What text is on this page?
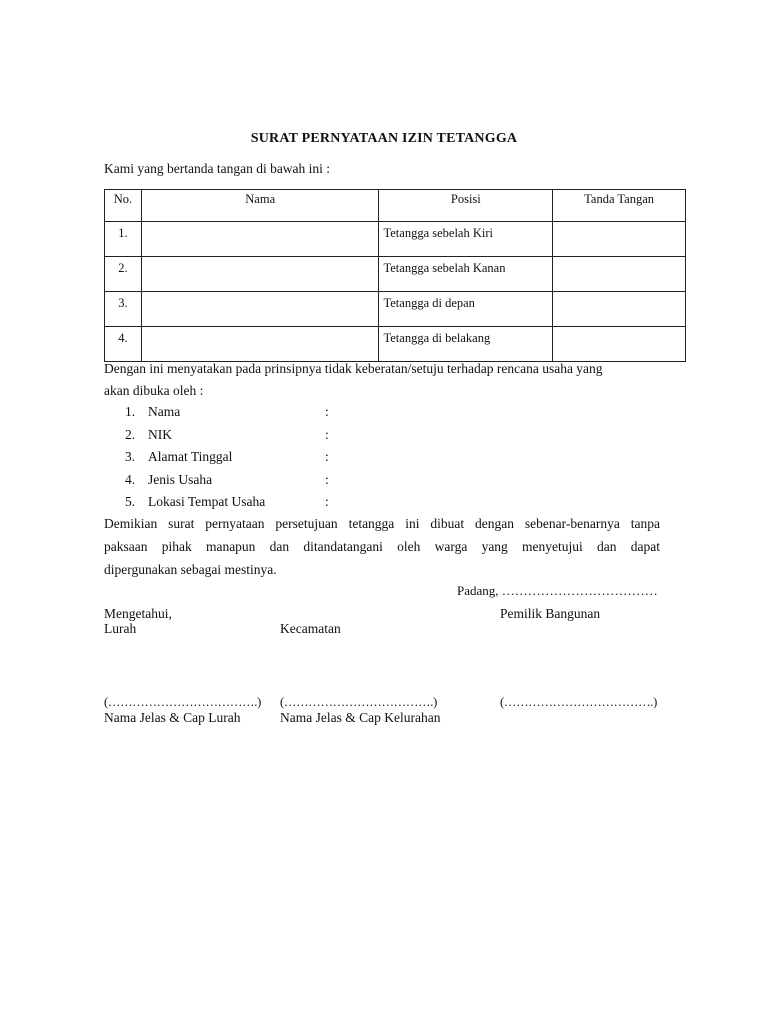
SURAT PERNYATAAN IZIN TETANGGA
Kami yang bertanda tangan di bawah ini :
No.	Nama	Posisi	Tanda Tangan
1.		Tetangga sebelah Kiri	
2.		Tetangga sebelah Kanan	
3.		Tetangga di depan	
4.		Tetangga di belakang	
Dengan ini menyatakan pada prinsipnya tidak keberatan/setuju terhadap rencana usaha yang
akan dibuka oleh :
1. Nama	:
2. NIK	:
3. Alamat Tinggal	:
4. Jenis Usaha	:
5. Lokasi Tempat Usaha	:
Demikian surat pernyataan persetujuan tetangga ini dibuat dengan sebenar-benarnya tanpa
paksaan pihak manapun dan ditandatangani oleh warga yang menyetujui dan dapat
dipergunakan sebagai mestinya.
Padang, ………………………………
Mengetahui,
Lurah	Kecamatan
Pemilik Bangunan
(……………………………….) (……………………………….)	(……………………………….)
Nama Jelas & Cap Lurah	Nama Jelas & Cap Kelurahan
